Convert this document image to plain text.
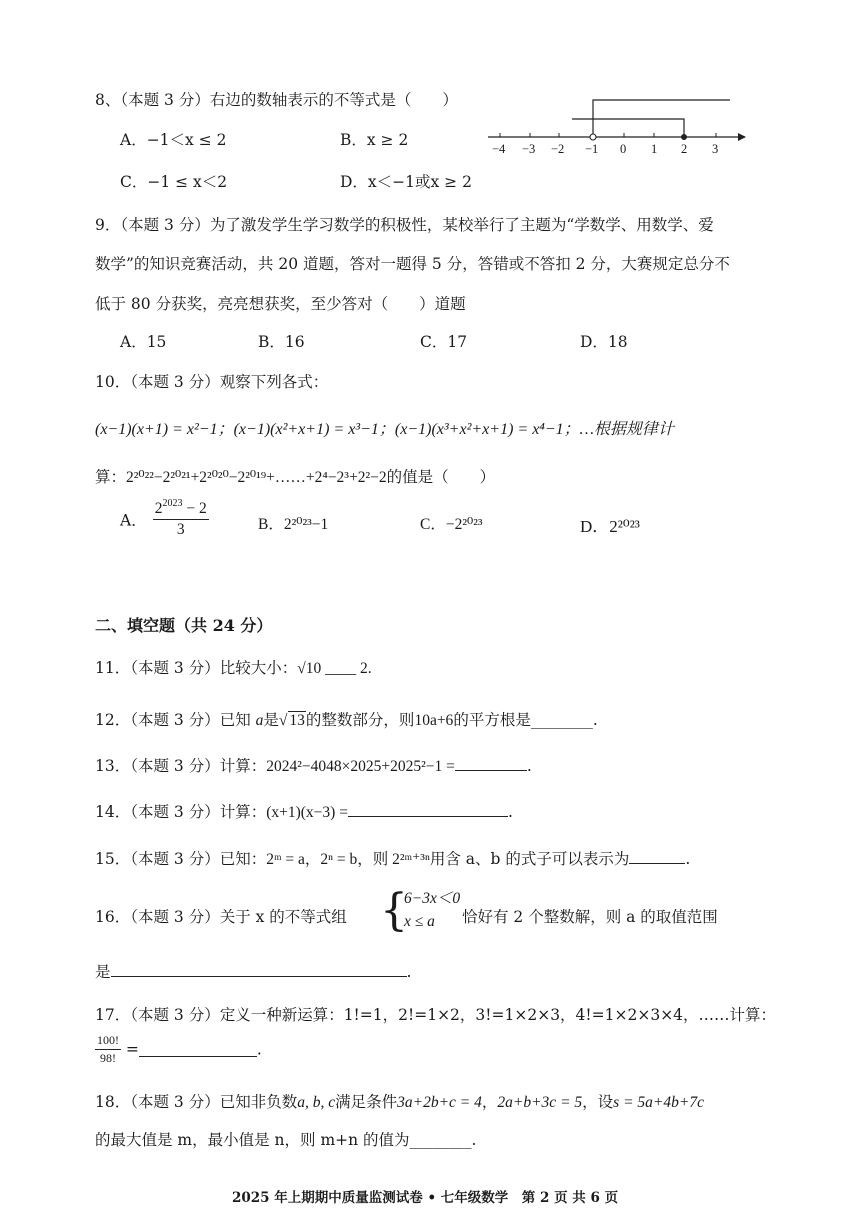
8、（本题 3 分）右边的数轴表示的不等式是（　　）
A．−1＜x ≤ 2	B．x ≥ 2
C．−1 ≤ x＜2	D．x＜−1或x ≥ 2
−4 −3 −2 −1 0 1 2 3
9．（本题 3 分）为了激发学生学习数学的积极性，某校举行了主题为“学数学、用数学、爱
数学”的知识竞赛活动，共 20 道题，答对一题得 5 分，答错或不答扣 2 分，大赛规定总分不
低于 80 分获奖，亮亮想获奖，至少答对（　　）道题
A．15	B．16	C．17	D．18
10．（本题 3 分）观察下列各式：
(x−1)(x+1) = x²−1；(x−1)(x²+x+1) = x³−1；(x−1)(x³+x²+x+1) = x⁴−1；…根据规律计
算：2²⁰²²−2²⁰²¹+2²⁰²⁰−2²⁰¹⁹+……+2⁴−2³+2²−2的值是（　　）
A． $\frac{2^{2023} - 2}{3}$	B．2²⁰²³−1	C．−2²⁰²³	D．2²⁰²³
二、填空题（共 24 分）
11．（本题 3 分）比较大小：√10 ____ 2.
12．（本题 3 分）已知 a是√ 13的整数部分，则10a+6的平方根是________.
13．（本题 3 分）计算：2024²−4048×2025+2025²−1 =	.
14．（本题 3 分）计算：(x+1)(x−3) =	.
15．（本题 3 分）已知：2ᵐ = a，2ⁿ = b，则 2²ᵐ⁺³ⁿ用含 a、b 的式子可以表示为	.
16．（本题 3 分）关于 x 的不等式组 {
6−3x＜0
x ≤ a 恰好有 2 个整数解，则 a 的取值范围
是	.
17．（本题 3 分）定义一种新运算：1!=1，2!=1×2，3!=1×2×3，4!=1×2×3×4，……计算：
$\frac{100!}{98!}$ =	.
18．（本题 3 分）已知非负数a, b, c满足条件3a+2b+c = 4，2a+b+3c = 5，设s = 5a+4b+7c
的最大值是 m，最小值是 n，则 m+n 的值为________.
2025 年上期期中质量监测试卷 • 七年级数学　第 2 页 共 6 页
